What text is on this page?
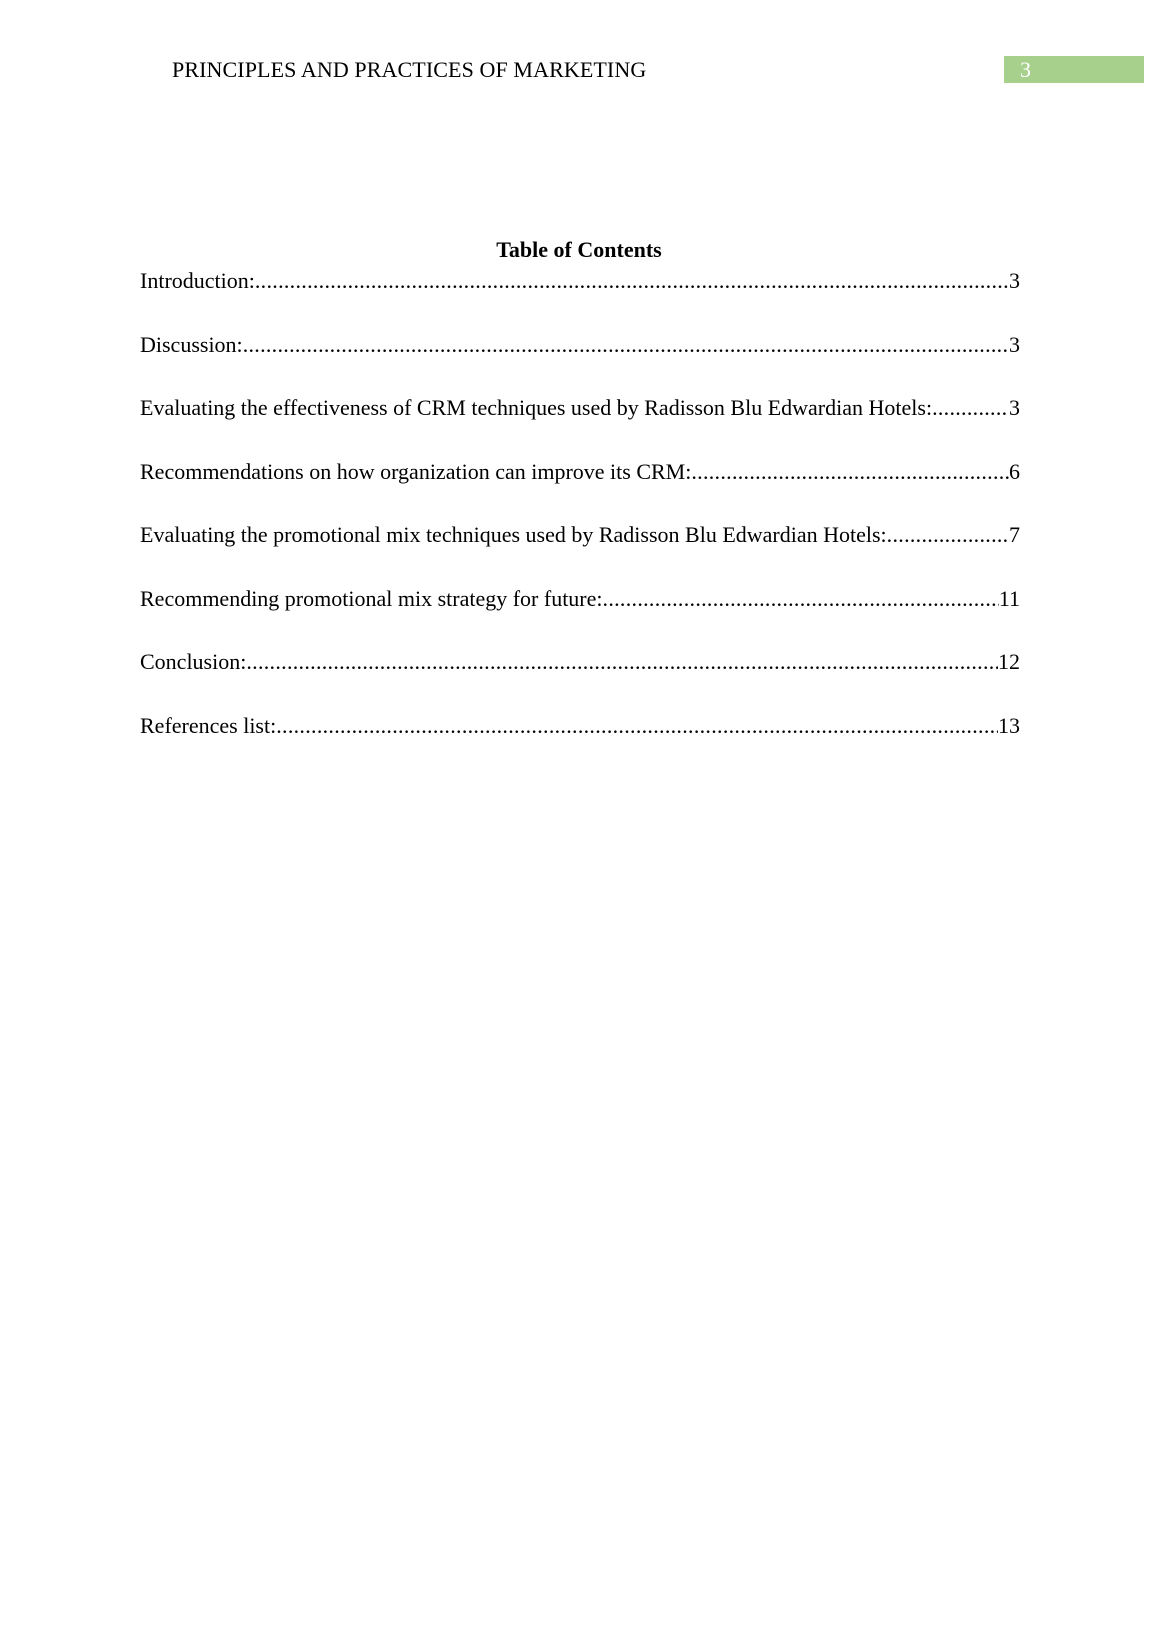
PRINCIPLES AND PRACTICES OF MARKETING	3
Table of Contents
Introduction: .....	3
Discussion: .....	3
Evaluating the effectiveness of CRM techniques used by Radisson Blu Edwardian Hotels: .....	3
Recommendations on how organization can improve its CRM: .....	6
Evaluating the promotional mix techniques used by Radisson Blu Edwardian Hotels: .....	7
Recommending promotional mix strategy for future: .....	11
Conclusion: .....	12
References list: .....	13
